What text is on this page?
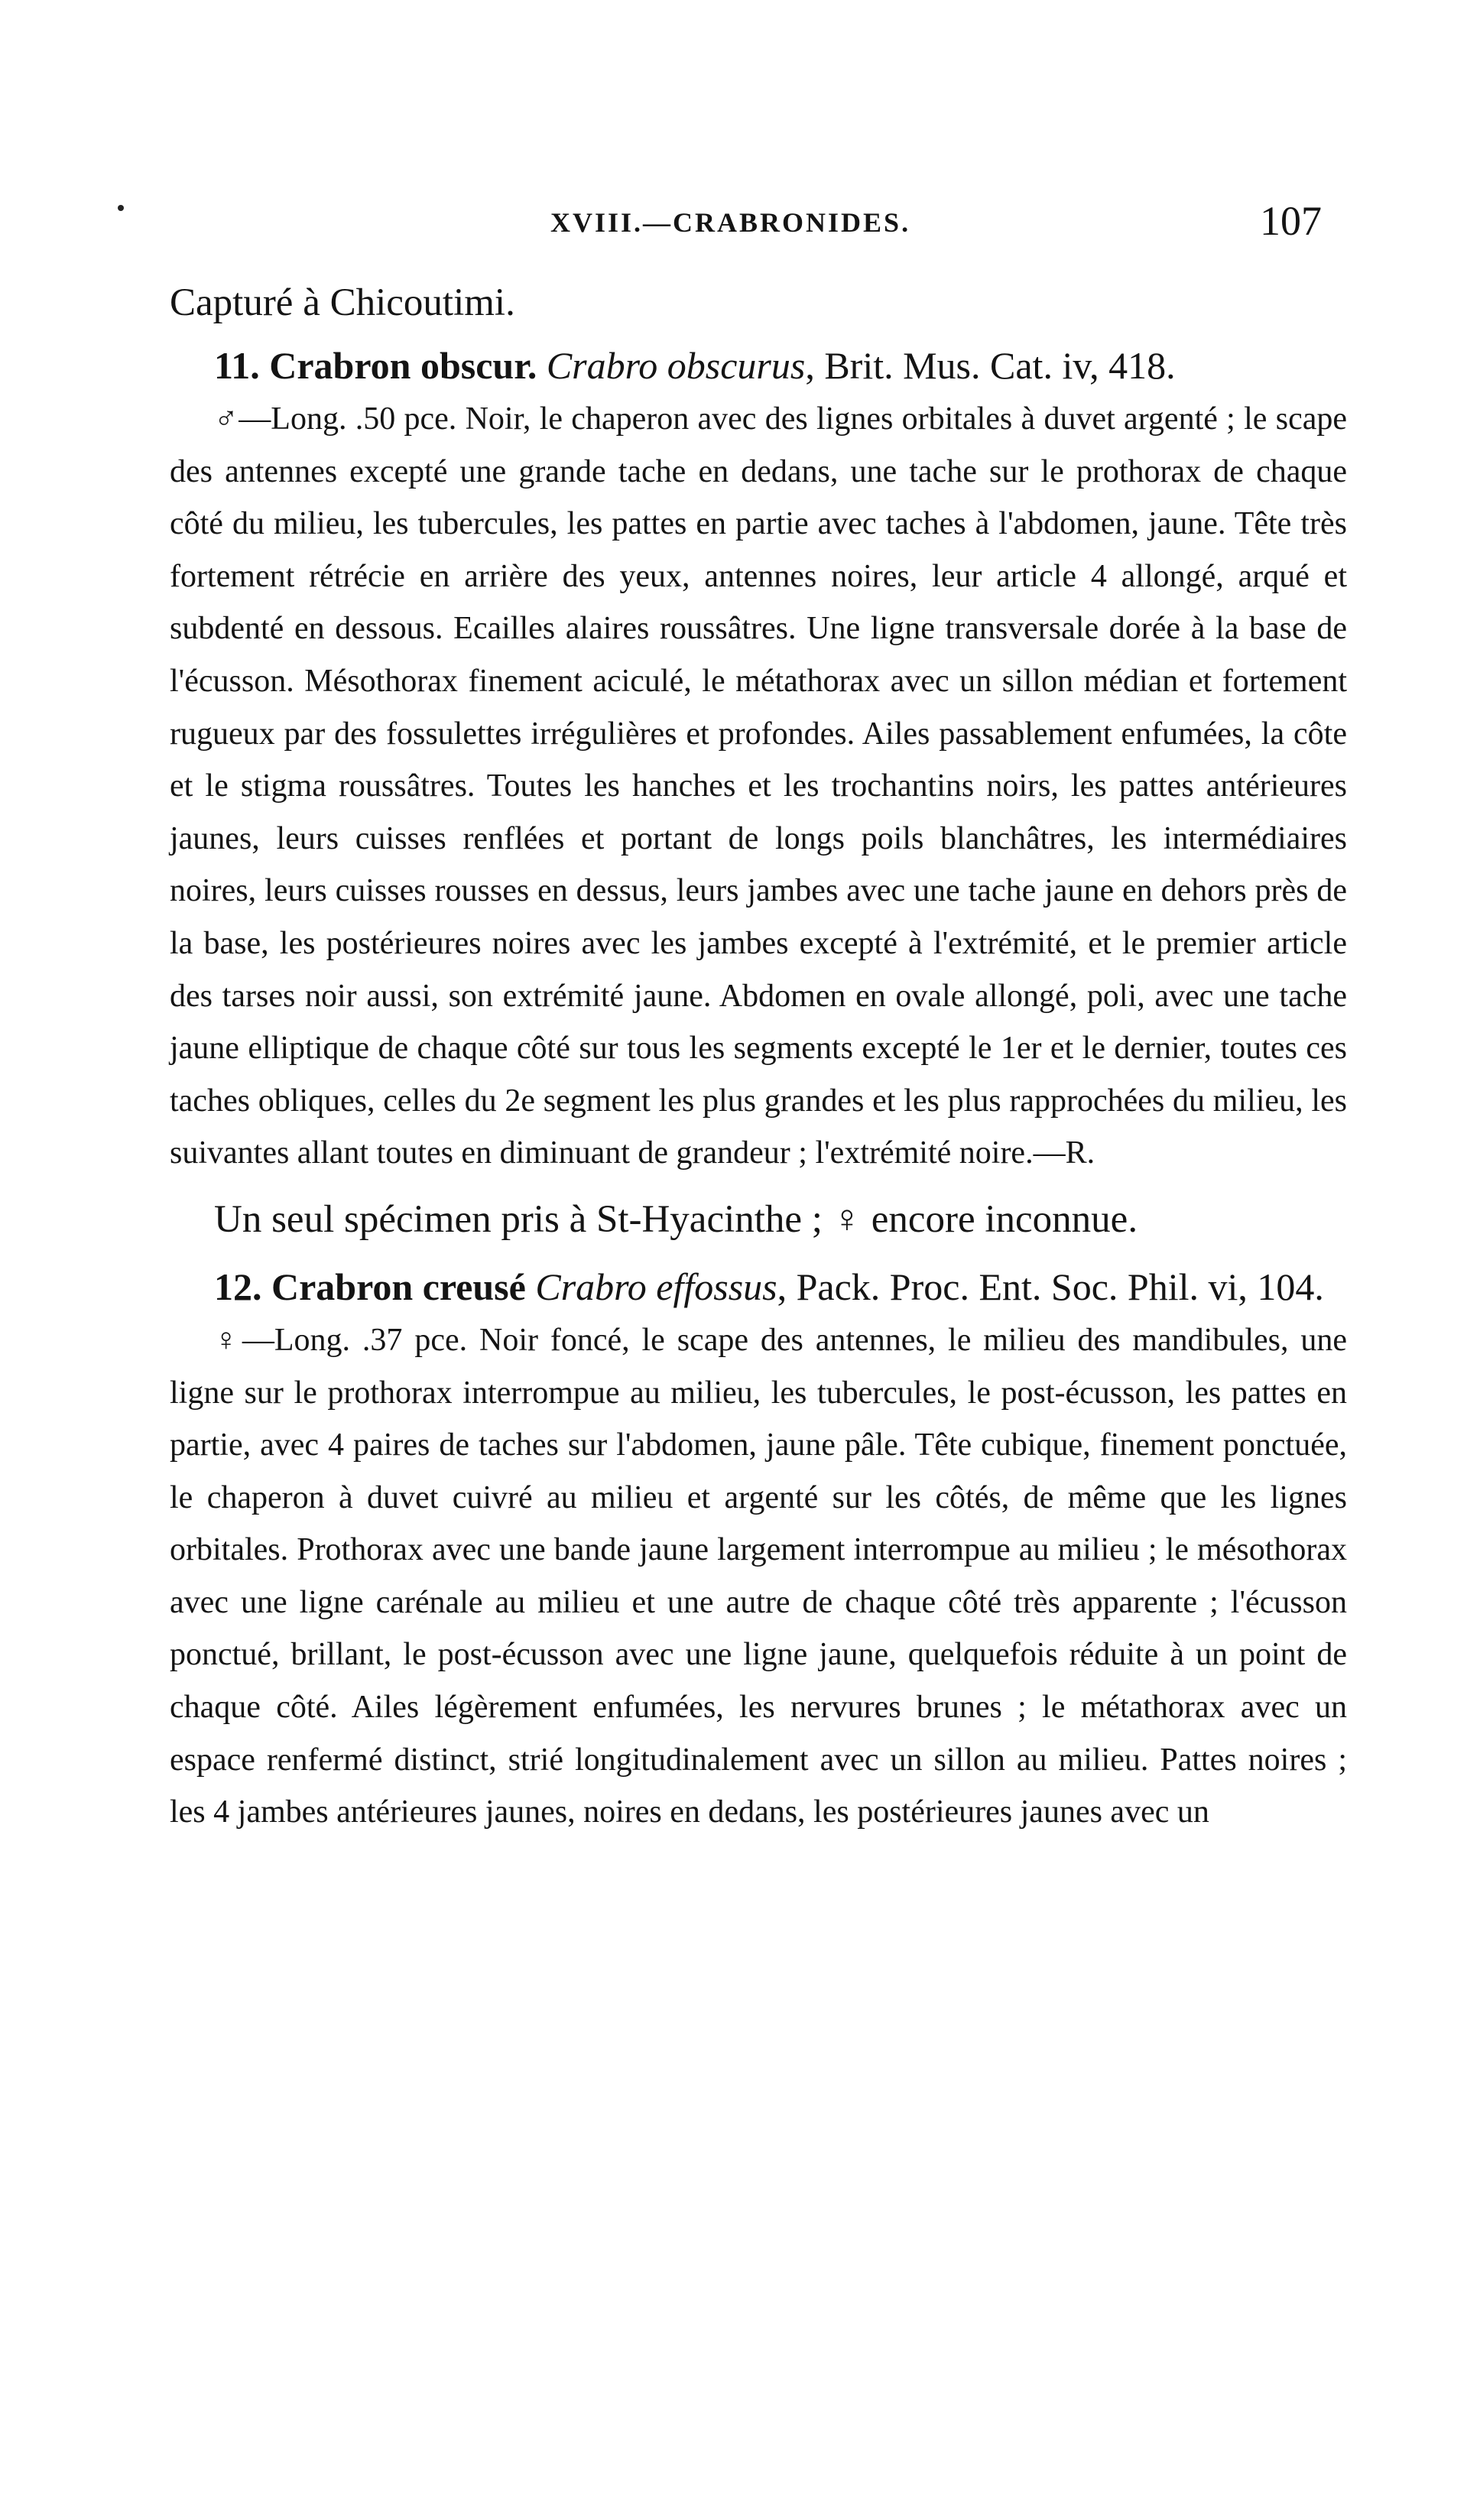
XVIII.—CRABRONIDES.	107

Capturé à Chicoutimi.

11. Crabron obscur. Crabro obscurus, Brit. Mus. Cat. iv, 418.

♂—Long. .50 pce. Noir, le chaperon avec des lignes orbitales à duvet argenté ; le scape des antennes excepté une grande tache en dedans, une tache sur le prothorax de chaque côté du milieu, les tubercules, les pattes en partie avec taches à l'abdomen, jaune. Tête très fortement rétrécie en arrière des yeux, antennes noires, leur article 4 allongé, arqué et subdenté en dessous. Ecailles alaires roussâtres. Une ligne transversale dorée à la base de l'écusson. Mésothorax finement aciculé, le métathorax avec un sillon médian et fortement rugueux par des fossulettes irrégulières et profondes. Ailes passablement enfumées, la côte et le stigma roussâtres. Toutes les hanches et les trochantins noirs, les pattes antérieures jaunes, leurs cuisses renflées et portant de longs poils blanchâtres, les intermédiaires noires, leurs cuisses rousses en dessus, leurs jambes avec une tache jaune en dehors près de la base, les postérieures noires avec les jambes excepté à l'extrémité, et le premier article des tarses noir aussi, son extrémité jaune. Abdomen en ovale allongé, poli, avec une tache jaune elliptique de chaque côté sur tous les segments excepté le 1er et le dernier, toutes ces taches obliques, celles du 2e segment les plus grandes et les plus rapprochées du milieu, les suivantes allant toutes en diminuant de grandeur ; l'extrémité noire.—R.

Un seul spécimen pris à St-Hyacinthe ; ♀ encore inconnue.

12. Crabron creusé Crabro effossus, Pack. Proc. Ent. Soc. Phil. vi, 104.

♀—Long. .37 pce. Noir foncé, le scape des antennes, le milieu des mandibules, une ligne sur le prothorax interrompue au milieu, les tubercules, le post-écusson, les pattes en partie, avec 4 paires de taches sur l'abdomen, jaune pâle. Tête cubique, finement ponctuée, le chaperon à duvet cuivré au milieu et argenté sur les côtés, de même que les lignes orbitales. Prothorax avec une bande jaune largement interrompue au milieu ; le mésothorax avec une ligne carénale au milieu et une autre de chaque côté très apparente ; l'écusson ponctué, brillant, le post-écusson avec une ligne jaune, quelquefois réduite à un point de chaque côté. Ailes légèrement enfumées, les nervures brunes ; le métathorax avec un espace renfermé distinct, strié longitudinalement avec un sillon au milieu. Pattes noires ; les 4 jambes antérieures jaunes, noires en dedans, les postérieures jaunes avec un
